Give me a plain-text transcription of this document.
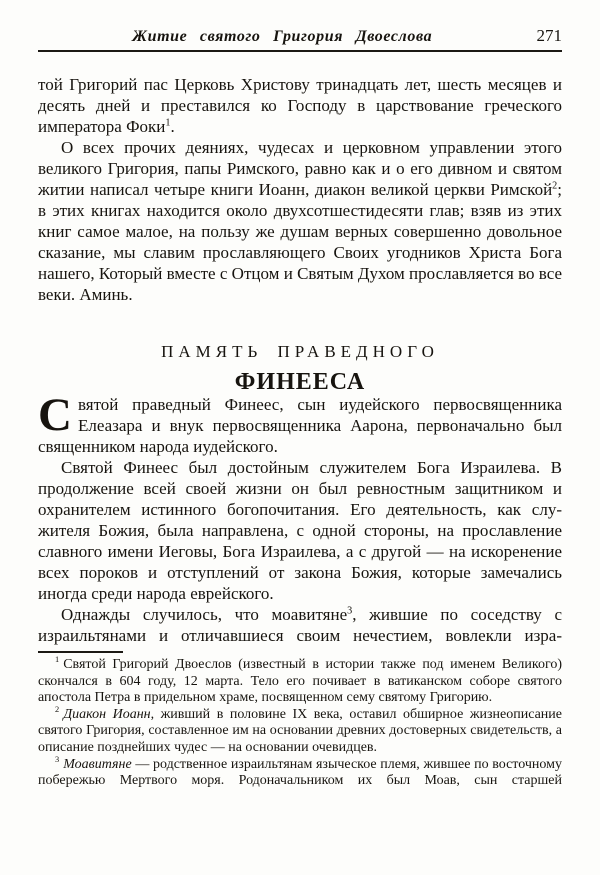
Житие святого Григория Двоеслова	271

той Григорий пас Церковь Христову тринадцать лет, шесть месяцев и десять дней и преставился ко Господу в царствование греческого императора Фоки$^1$.

О всех прочих деяниях, чудесах и церковном управлении этого великого Григория, папы Римского, равно как и о его дивном и святом житии написал четыре книги Иоанн, диакон великой церкви Римской$^2$; в этих книгах находится около двухсотшестидесяти глав; взяв из этих книг самое малое, на пользу же душам верных совершенно довольное сказание, мы славим прославляющего Своих угодников Христа Бога нашего, Который вместе с Отцом и Святым Духом прославляется во все веки. Аминь.

ПАМЯТЬ ПРАВЕДНОГО
ФИНЕЕСА

Святой праведный Финеес, сын иудейского первосвященника Елеазара и внук первосвященника Аарона, первоначально был священником народа иудейского.

Святой Финеес был достойным служителем Бога Израилева. В продолжение всей своей жизни он был ревностным защитником и охранителем истинного богопочитания. Его деятельность, как служителя Божия, была направлена, с одной стороны, на прославление славного имени Иеговы, Бога Израилева, а с другой — на искоренение всех пороков и отступлений от закона Божия, которые замечались иногда среди народа еврейского.

Однажды случилось, что моавитяне$^3$, жившие по соседству с израильтянами и отличавшиеся своим нечестием, вовлекли изра-

$^1$ Святой Григорий Двоеслов (известный в истории также под именем Великого) скончался в 604 году, 12 марта. Тело его почивает в ватиканском соборе святого апостола Петра в придельном храме, посвященном сему святому Григорию.

$^2$ Диакон Иоанн, живший в половине IX века, оставил обширное жизнеописание святого Григория, составленное им на основании древних достоверных свидетельств, а описание позднейших чудес — на основании очевидцев.

$^3$ Моавитяне — родственное израильтянам языческое племя, жившее по восточному побережью Мертвого моря. Родоначальником их был Моав, сын старшей
